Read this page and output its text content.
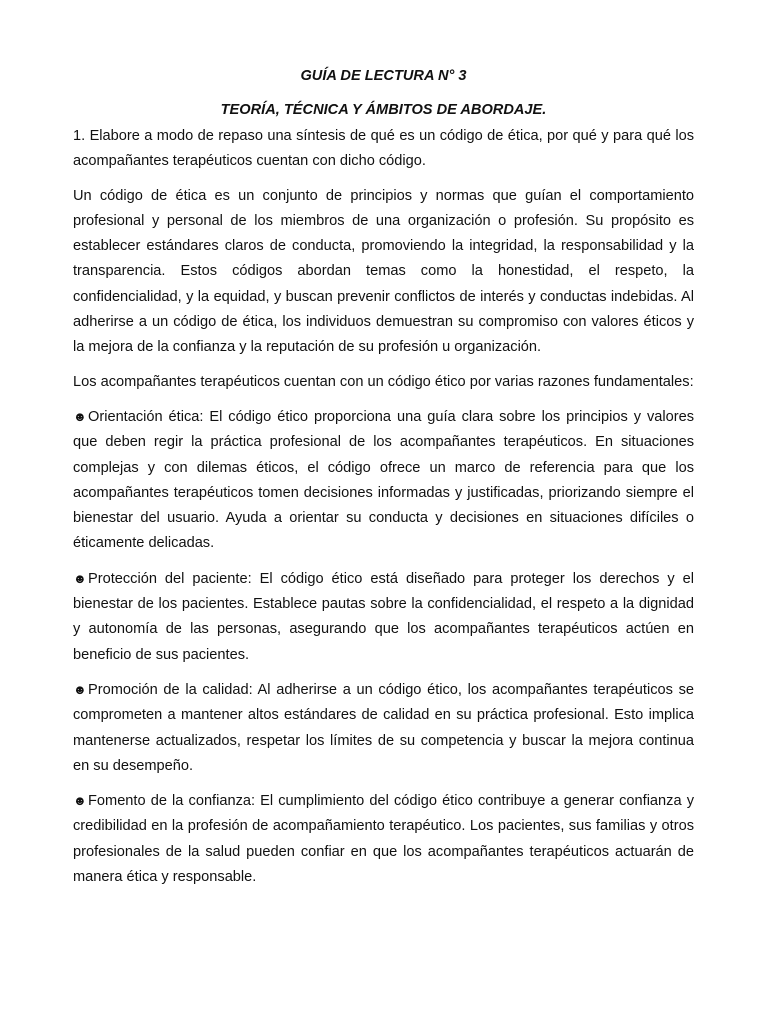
GUÍA DE LECTURA N° 3
TEORÍA, TÉCNICA Y ÁMBITOS DE ABORDAJE.

1. Elabore a modo de repaso una síntesis de qué es un código de ética, por qué y para qué los acompañantes terapéuticos cuentan con dicho código.

Un código de ética es un conjunto de principios y normas que guían el comportamiento profesional y personal de los miembros de una organización o profesión. Su propósito es establecer estándares claros de conducta, promoviendo la integridad, la responsabilidad y la transparencia. Estos códigos abordan temas como la honestidad, el respeto, la confidencialidad, y la equidad, y buscan prevenir conflictos de interés y conductas indebidas. Al adherirse a un código de ética, los individuos demuestran su compromiso con valores éticos y la mejora de la confianza y la reputación de su profesión u organización.

Los acompañantes terapéuticos cuentan con un código ético por varias razones fundamentales:

☻Orientación ética: El código ético proporciona una guía clara sobre los principios y valores que deben regir la práctica profesional de los acompañantes terapéuticos. En situaciones complejas y con dilemas éticos, el código ofrece un marco de referencia para que los acompañantes terapéuticos tomen decisiones informadas y justificadas, priorizando siempre el bienestar del usuario. Ayuda a orientar su conducta y decisiones en situaciones difíciles o éticamente delicadas.

☻Protección del paciente: El código ético está diseñado para proteger los derechos y el bienestar de los pacientes. Establece pautas sobre la confidencialidad, el respeto a la dignidad y autonomía de las personas, asegurando que los acompañantes terapéuticos actúen en beneficio de sus pacientes.

☻Promoción de la calidad: Al adherirse a un código ético, los acompañantes terapéuticos se comprometen a mantener altos estándares de calidad en su práctica profesional. Esto implica mantenerse actualizados, respetar los límites de su competencia y buscar la mejora continua en su desempeño.

☻Fomento de la confianza: El cumplimiento del código ético contribuye a generar confianza y credibilidad en la profesión de acompañamiento terapéutico. Los pacientes, sus familias y otros profesionales de la salud pueden confiar en que los acompañantes terapéuticos actuarán de manera ética y responsable.
